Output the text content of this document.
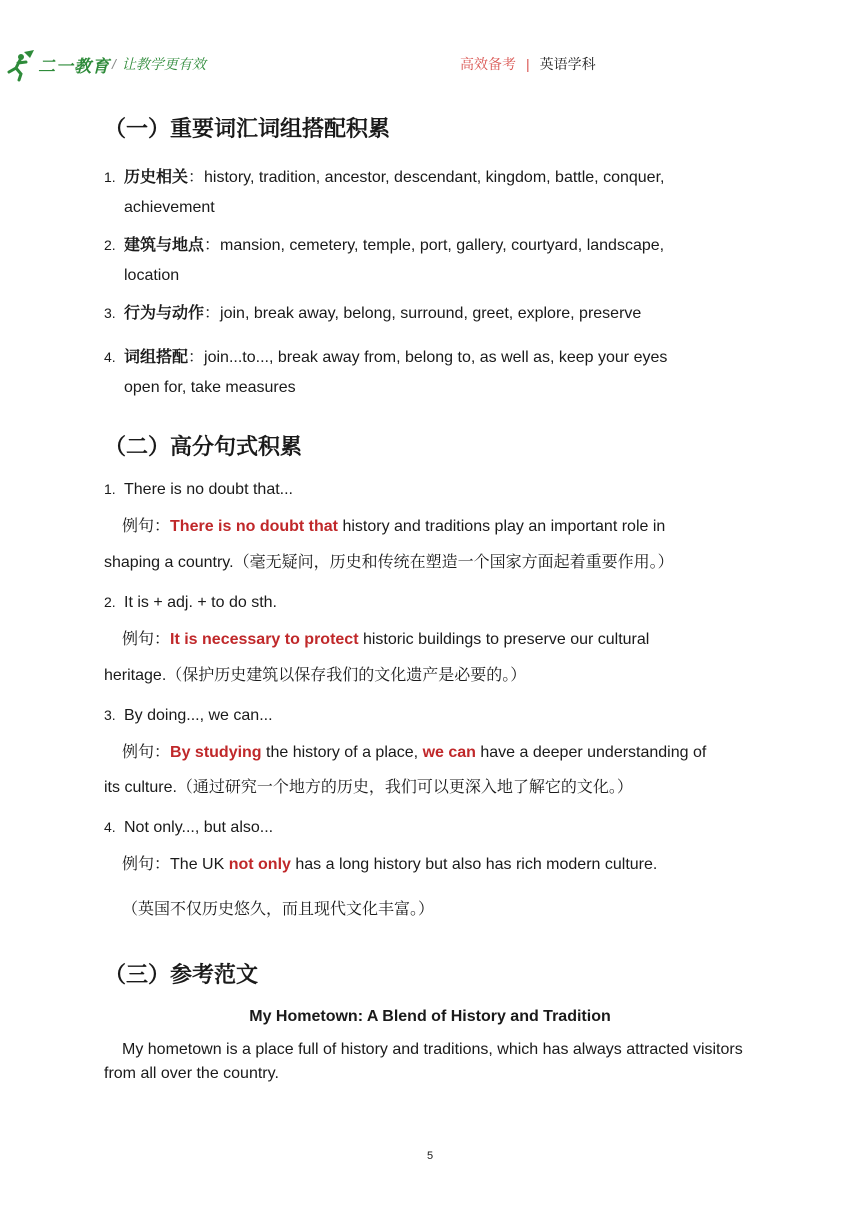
二一教育 / 让教学更有效	高效备考 | 英语学科
（一）重要词汇词组搭配积累
1. 历史相关：history, tradition, ancestor, descendant, kingdom, battle, conquer,
achievement
2. 建筑与地点：mansion, cemetery, temple, port, gallery, courtyard, landscape,
location
3. 行为与动作：join, break away, belong, surround, greet, explore, preserve
4. 词组搭配：join...to..., break away from, belong to, as well as, keep your eyes
open for, take measures
（二）高分句式积累
1. There is no doubt that...
例句：There is no doubt that history and traditions play an important role in
shaping a country.（毫无疑问，历史和传统在塑造一个国家方面起着重要作用。）
2. It is + adj. + to do sth.
例句：It is necessary to protect historic buildings to preserve our cultural
heritage.（保护历史建筑以保存我们的文化遗产是必要的。）
3. By doing..., we can...
例句：By studying the history of a place, we can have a deeper understanding of
its culture.（通过研究一个地方的历史，我们可以更深入地了解它的文化。）
4. Not only..., but also...
例句：The UK not only has a long history but also has rich modern culture.
（英国不仅历史悠久，而且现代文化丰富。）
（三）参考范文
My Hometown: A Blend of History and Tradition
My hometown is a place full of history and traditions, which has always attracted visitors from all over the country.
5
